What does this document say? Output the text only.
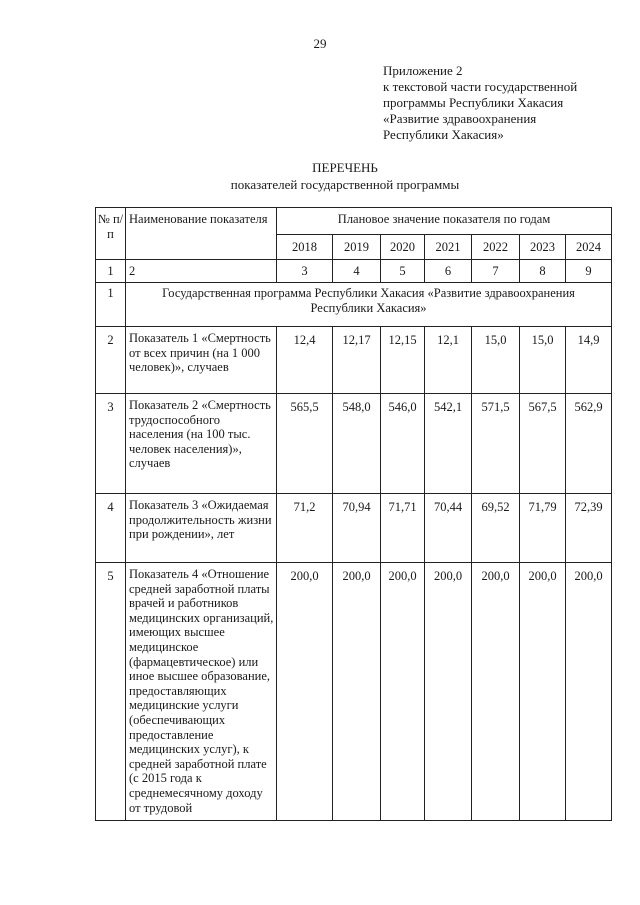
29
Приложение 2
к текстовой части государственной
программы Республики Хакасия
«Развитие здравоохранения
Республики Хакасия»
ПЕРЕЧЕНЬ
показателей государственной программы
№ п/п	Наименование показателя	Плановое значение показателя по годам						
		2018	2019	2020	2021	2022	2023	2024
1	2	3	4	5	6	7	8	9
1	Государственная программа Республики Хакасия «Развитие здравоохранения Республики Хакасия»							
2	Показатель 1 «Смертность от всех причин (на 1 000 человек)», случаев	12,4	12,17	12,15	12,1	15,0	15,0	14,9
3	Показатель 2 «Смертность трудоспособного населения (на 100 тыс. человек населения)», случаев	565,5	548,0	546,0	542,1	571,5	567,5	562,9
4	Показатель 3 «Ожидаемая продолжительность жизни при рождении», лет	71,2	70,94	71,71	70,44	69,52	71,79	72,39
5	Показатель 4 «Отношение средней заработной платы врачей и работников медицинских организаций, имеющих высшее медицинское (фармацевтическое) или иное высшее образование, предоставляющих медицинские услуги (обеспечивающих предоставление медицинских услуг), к средней заработной плате (с 2015 года к среднемесячному доходу от трудовой	200,0	200,0	200,0	200,0	200,0	200,0	200,0
